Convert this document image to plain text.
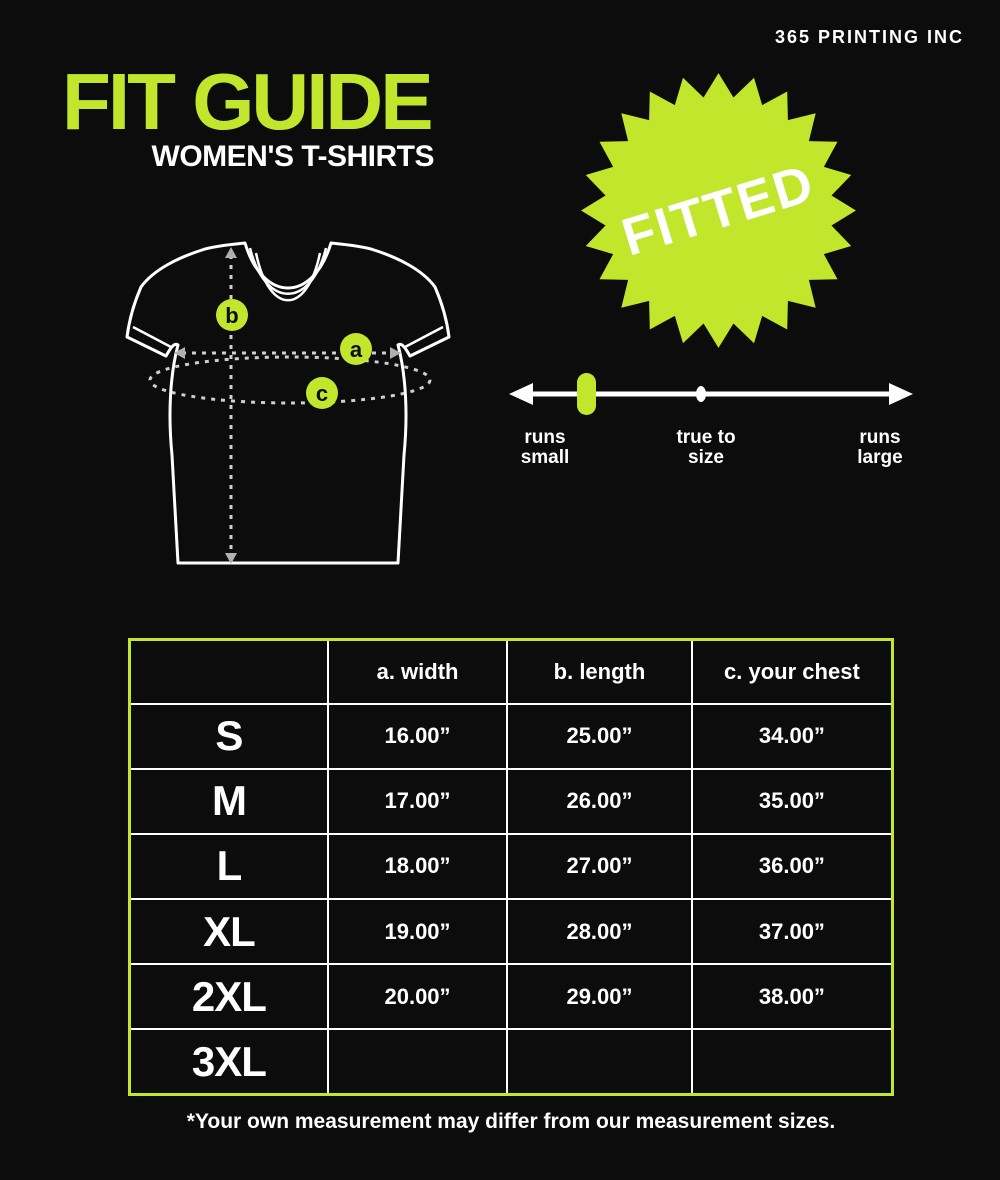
365 PRINTING INC
FIT GUIDE
WOMEN'S T-SHIRTS
b
a
c
FITTED
runs small
true to size
runs large
	a. width	b. length	c. your chest
S	16.00”	25.00”	34.00”
M	17.00”	26.00”	35.00”
L	18.00”	27.00”	36.00”
XL	19.00”	28.00”	37.00”
2XL	20.00”	29.00”	38.00”
3XL			
*Your own measurement may differ from our measurement sizes.
